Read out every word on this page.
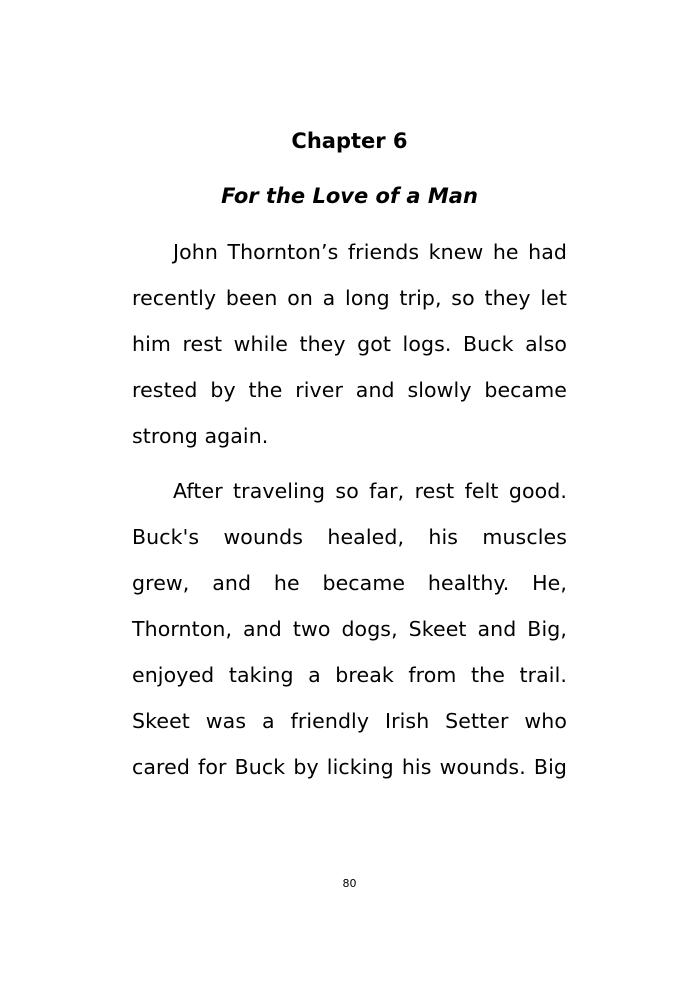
Chapter 6
For the Love of a Man
John Thornton’s friends knew he had
recently been on a long trip, so they let
him rest while they got logs. Buck also
rested by the river and slowly became
strong again.
After traveling so far, rest felt good.
Buck's wounds healed, his muscles
grew, and he became healthy. He,
Thornton, and two dogs, Skeet and Big,
enjoyed taking a break from the trail.
Skeet was a friendly Irish Setter who
cared for Buck by licking his wounds. Big
80
